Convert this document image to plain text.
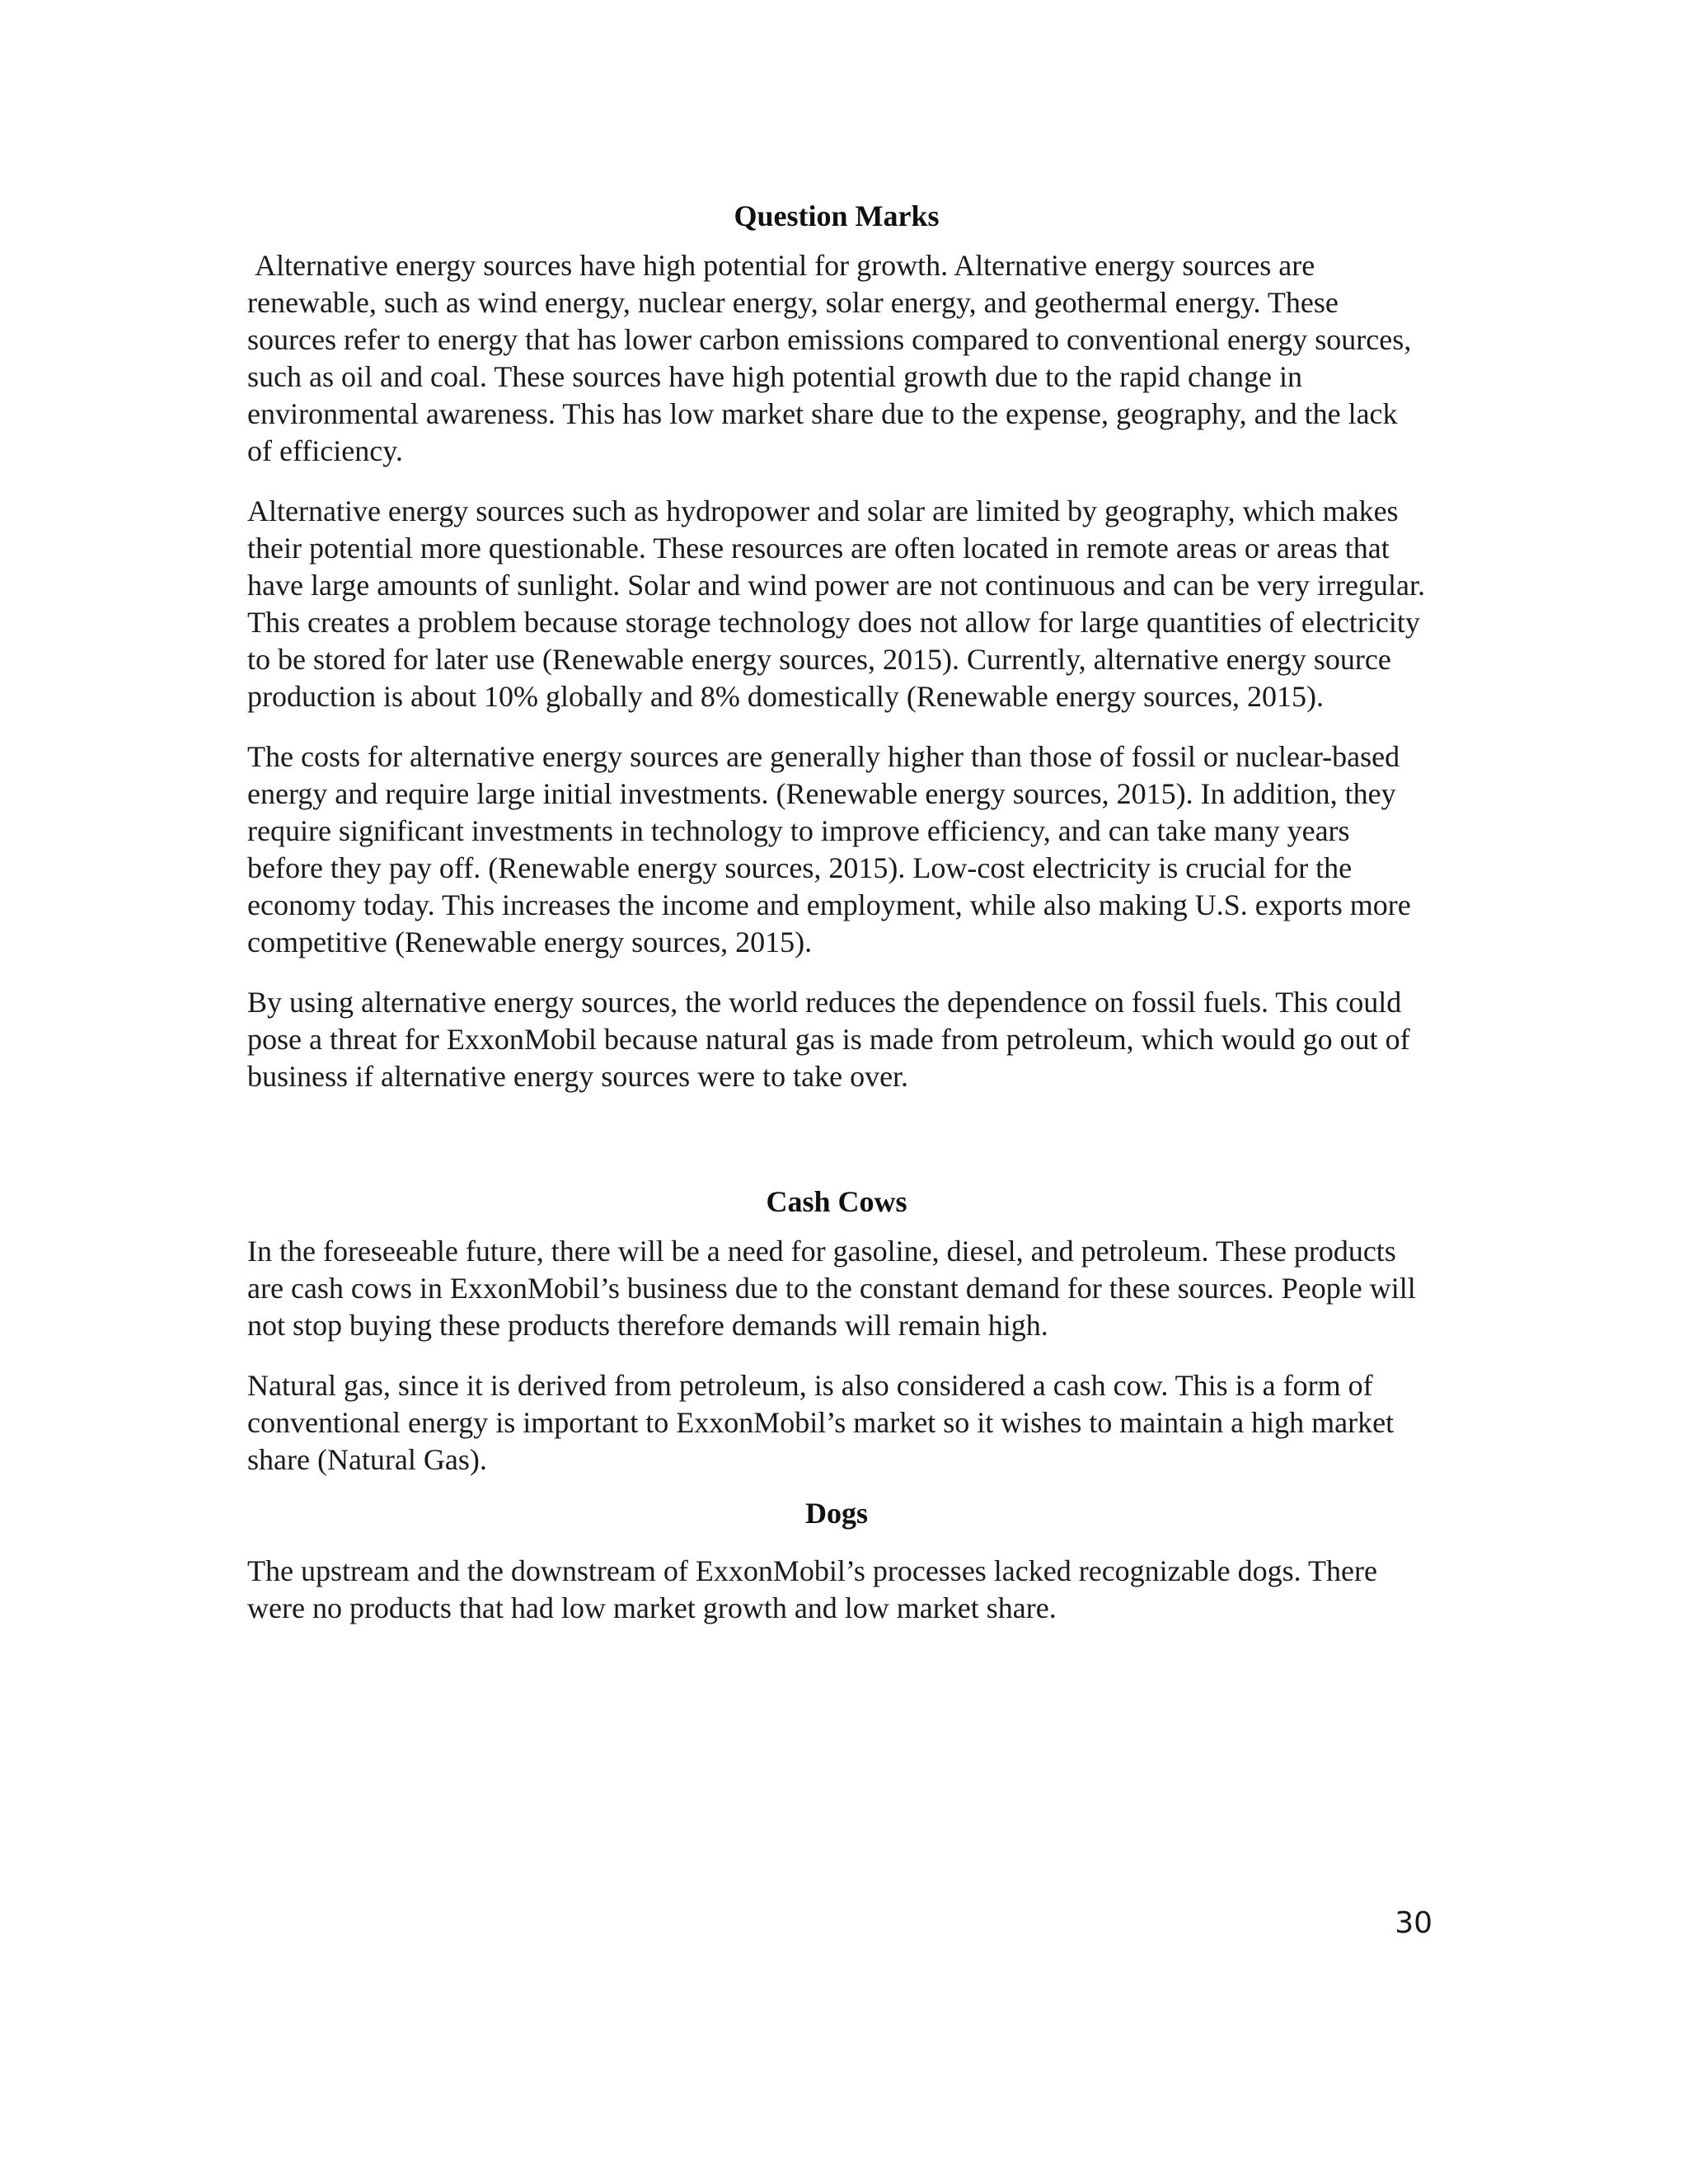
Question Marks

Alternative energy sources have high potential for growth. Alternative energy sources are renewable, such as wind energy, nuclear energy, solar energy, and geothermal energy. These sources refer to energy that has lower carbon emissions compared to conventional energy sources, such as oil and coal. These sources have high potential growth due to the rapid change in environmental awareness. This has low market share due to the expense, geography, and the lack of efficiency.

Alternative energy sources such as hydropower and solar are limited by geography, which makes their potential more questionable. These resources are often located in remote areas or areas that have large amounts of sunlight. Solar and wind power are not continuous and can be very irregular. This creates a problem because storage technology does not allow for large quantities of electricity to be stored for later use (Renewable energy sources, 2015). Currently, alternative energy source production is about 10% globally and 8% domestically (Renewable energy sources, 2015).

The costs for alternative energy sources are generally higher than those of fossil or nuclear-based energy and require large initial investments. (Renewable energy sources, 2015). In addition, they require significant investments in technology to improve efficiency, and can take many years before they pay off. (Renewable energy sources, 2015). Low-cost electricity is crucial for the economy today. This increases the income and employment, while also making U.S. exports more competitive (Renewable energy sources, 2015).

By using alternative energy sources, the world reduces the dependence on fossil fuels. This could pose a threat for ExxonMobil because natural gas is made from petroleum, which would go out of business if alternative energy sources were to take over.

Cash Cows

In the foreseeable future, there will be a need for gasoline, diesel, and petroleum. These products are cash cows in ExxonMobil’s business due to the constant demand for these sources. People will not stop buying these products therefore demands will remain high.

Natural gas, since it is derived from petroleum, is also considered a cash cow. This is a form of conventional energy is important to ExxonMobil’s market so it wishes to maintain a high market share (Natural Gas).

Dogs

The upstream and the downstream of ExxonMobil’s processes lacked recognizable dogs. There were no products that had low market growth and low market share.

30
